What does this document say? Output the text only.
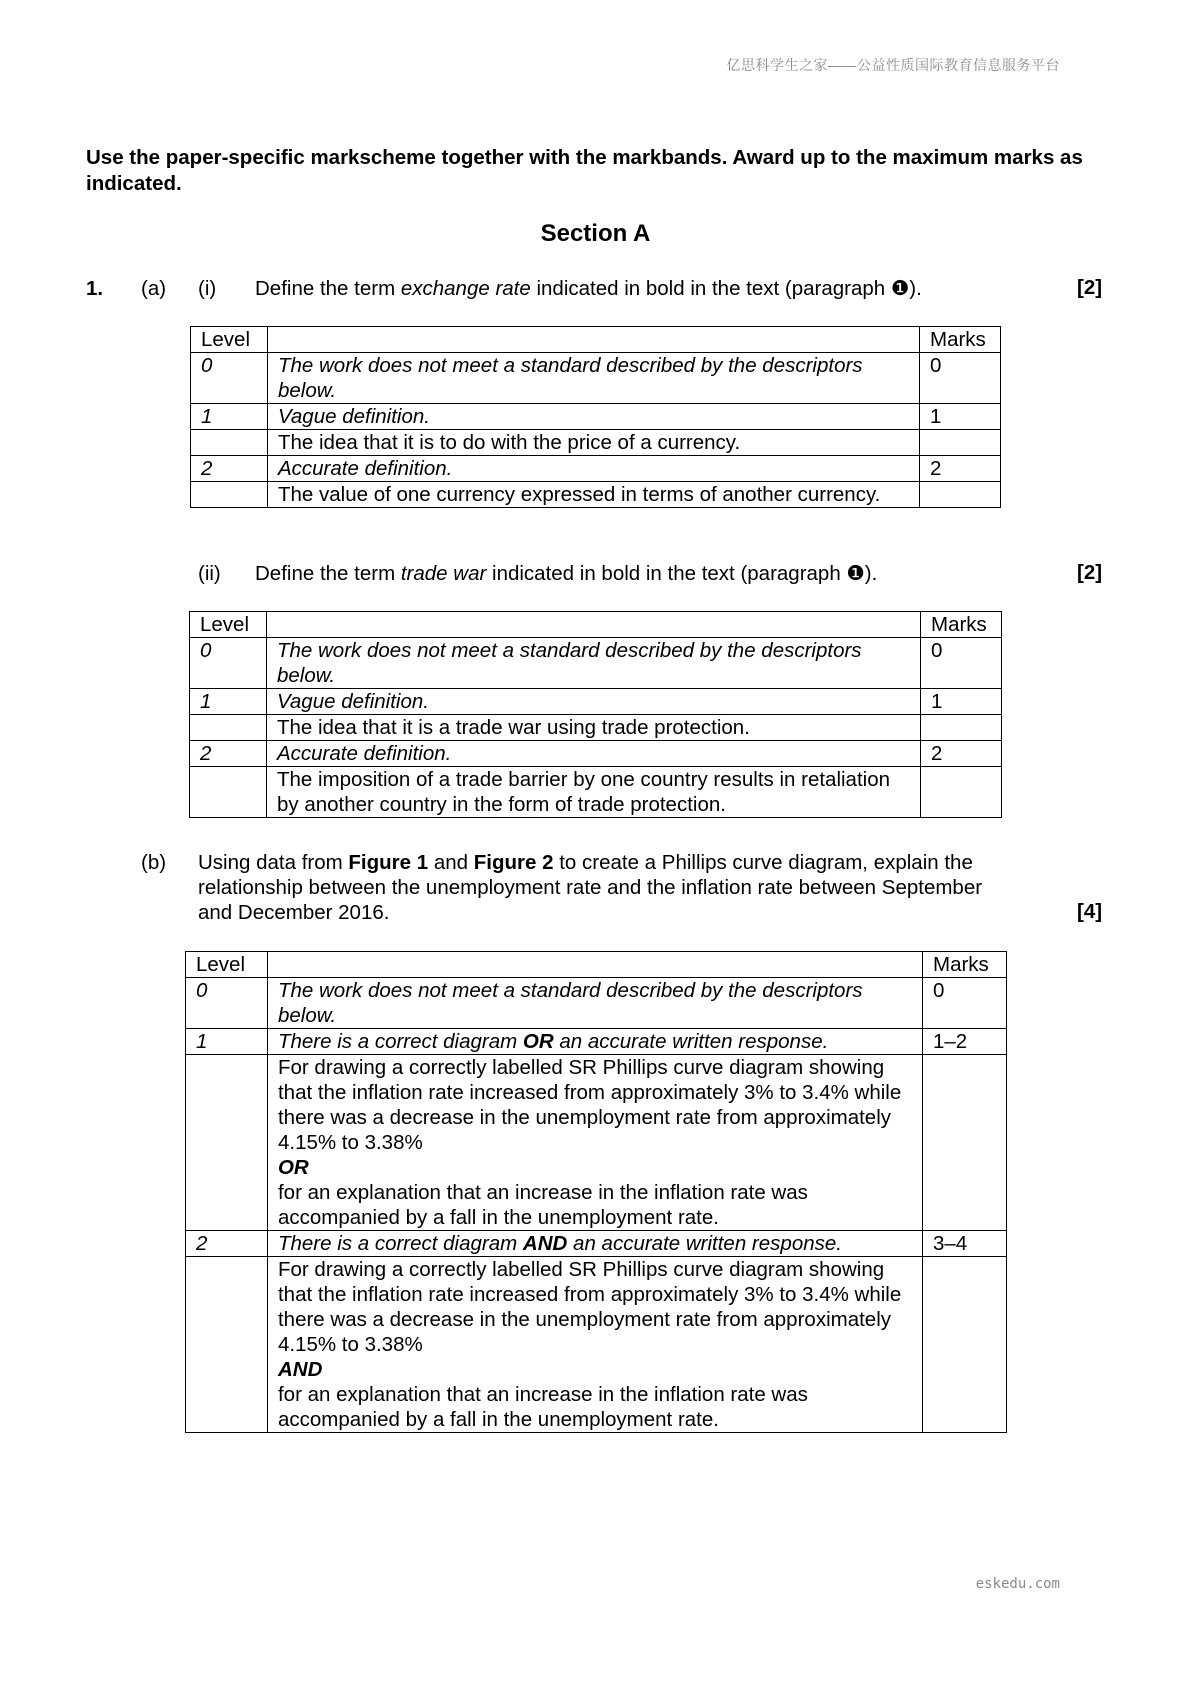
亿思科学生之家——公益性质国际教育信息服务平台
Use the paper-specific markscheme together with the markbands. Award up to the maximum marks as indicated.
Section A
1. (a) (i) Define the term exchange rate indicated in bold in the text (paragraph ❶).	[2]
Level		Marks
0	The work does not meet a standard described by the descriptors below.	0
1	Vague definition.	1
	The idea that it is to do with the price of a currency.	
2	Accurate definition.	2
	The value of one currency expressed in terms of another currency.	
(ii) Define the term trade war indicated in bold in the text (paragraph ❶).	[2]
Level		Marks
0	The work does not meet a standard described by the descriptors below.	0
1	Vague definition.	1
	The idea that it is a trade war using trade protection.	
2	Accurate definition.	2
	The imposition of a trade barrier by one country results in retaliation by another country in the form of trade protection.	
(b) Using data from Figure 1 and Figure 2 to create a Phillips curve diagram, explain the relationship between the unemployment rate and the inflation rate between September and December 2016.	[4]
Level		Marks
0	The work does not meet a standard described by the descriptors below.	0
1	There is a correct diagram OR an accurate written response.	1–2

	For drawing a correctly labelled SR Phillips curve diagram showing that the inflation rate increased from approximately 3% to 3.4% while there was a decrease in the unemployment rate from approximately 4.15% to 3.38%
OR
for an explanation that an increase in the inflation rate was accompanied by a fall in the unemployment rate.	

2	There is a correct diagram AND an accurate written response.	3–4

	For drawing a correctly labelled SR Phillips curve diagram showing that the inflation rate increased from approximately 3% to 3.4% while there was a decrease in the unemployment rate from approximately 4.15% to 3.38%
AND
for an explanation that an increase in the inflation rate was accompanied by a fall in the unemployment rate.	

eskedu.com
